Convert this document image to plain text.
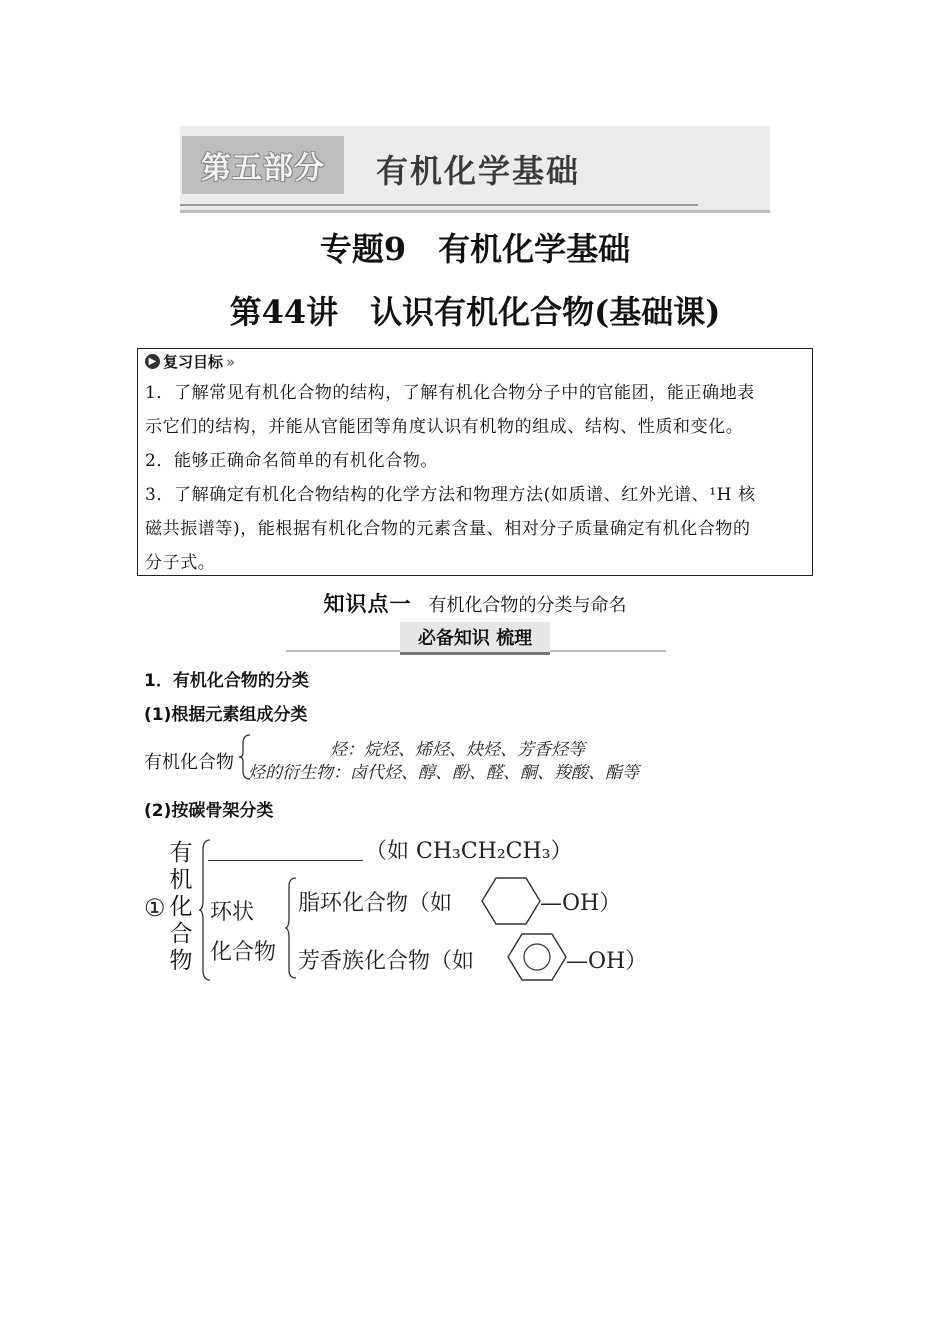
第五部分	有机化学基础
专题9　有机化学基础
第44讲　认识有机化合物(基础课)
▶ 复习目标 »
1．了解常见有机化合物的结构，了解有机化合物分子中的官能团，能正确地表
示它们的结构，并能从官能团等角度认识有机物的组成、结构、性质和变化。
2．能够正确命名简单的有机化合物。
3．了解确定有机化合物结构的化学方法和物理方法(如质谱、红外光谱、¹H 核
磁共振谱等)，能根据有机化合物的元素含量、相对分子质量确定有机化合物的
分子式。
知识点一 有机化合物的分类与命名
必备知识 梳理
1．有机化合物的分类
(1)根据元素组成分类
有机化合物
烃：烷烃、烯烃、炔烃、芳香烃等
烃的衍生物：卤代烃、醇、酚、醛、酮、羧酸、酯等
(2)按碳骨架分类
①
有
机
化
合
物
（如 CH₃CH₂CH₃）
环状
化合物
脂环化合物（如	—OH）
芳香族化合物（如	—OH）
